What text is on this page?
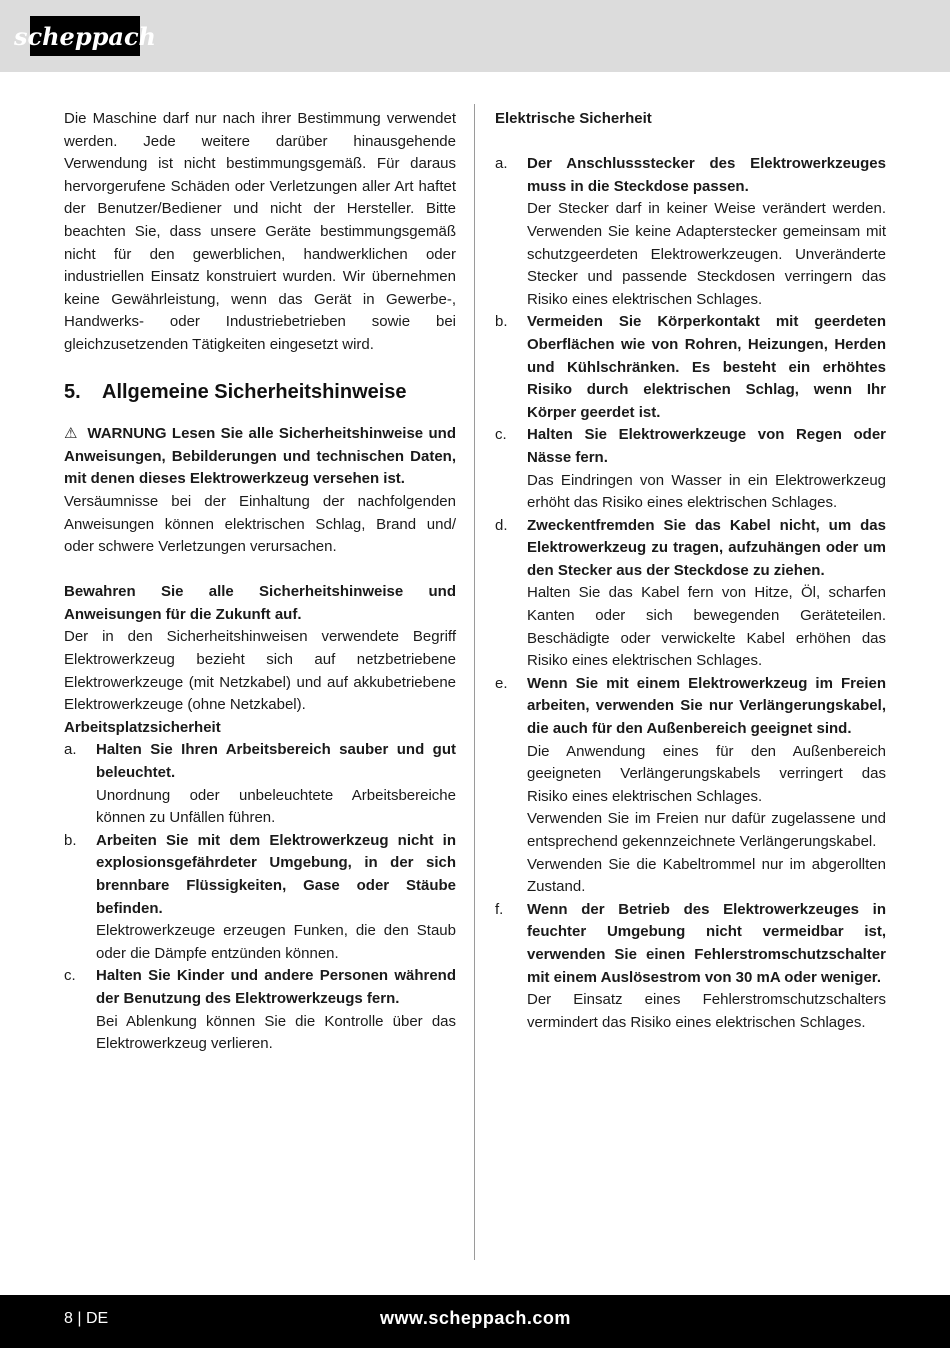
scheppach

Die Maschine darf nur nach ihrer Bestimmung verwendet werden. Jede weitere darüber hinausgehende Verwendung ist nicht bestimmungsgemäß. Für daraus hervorgerufene Schäden oder Verletzungen aller Art haftet der Benutzer/Bediener und nicht der Hersteller. Bitte beachten Sie, dass unsere Geräte bestimmungsgemäß nicht für den gewerblichen, handwerklichen oder industriellen Einsatz konstruiert wurden. Wir übernehmen keine Gewährleistung, wenn das Gerät in Gewerbe-, Handwerks- oder Industriebetrieben sowie bei gleichzusetzenden Tätigkeiten eingesetzt wird.

5.	Allgemeine Sicherheitshinweise

⚠ WARNUNG Lesen Sie alle Sicherheitshinweise und Anweisungen, Bebilderungen und technischen Daten, mit denen dieses Elektrowerkzeug versehen ist.

Versäumnisse bei der Einhaltung der nachfolgenden Anweisungen können elektrischen Schlag, Brand und/ oder schwere Verletzungen verursachen.

Bewahren Sie alle Sicherheitshinweise und Anweisungen für die Zukunft auf.

Der in den Sicherheitshinweisen verwendete Begriff Elektrowerkzeug bezieht sich auf netzbetriebene Elektrowerkzeuge (mit Netzkabel) und auf akkubetriebene Elektrowerkzeuge (ohne Netzkabel).

Arbeitsplatzsicherheit

a.	Halten Sie Ihren Arbeitsbereich sauber und gut beleuchtet.

Unordnung oder unbeleuchtete Arbeitsbereiche können zu Unfällen führen.

b.	Arbeiten Sie mit dem Elektrowerkzeug nicht in explosionsgefährdeter Umgebung, in der sich brennbare Flüssigkeiten, Gase oder Stäube befinden.

Elektrowerkzeuge erzeugen Funken, die den Staub oder die Dämpfe entzünden können.

c.	Halten Sie Kinder und andere Personen während der Benutzung des Elektrowerkzeugs fern.

Bei Ablenkung können Sie die Kontrolle über das Elektrowerkzeug verlieren.

Elektrische Sicherheit

a.	Der Anschlussstecker des Elektrowerkzeuges muss in die Steckdose passen.

Der Stecker darf in keiner Weise verändert werden. Verwenden Sie keine Adapterstecker gemeinsam mit schutzgeerdeten Elektrowerkzeugen. Unveränderte Stecker und passende Steckdosen verringern das Risiko eines elektrischen Schlages.

b.	Vermeiden Sie Körperkontakt mit geerdeten Oberflächen wie von Rohren, Heizungen, Herden und Kühlschränken. Es besteht ein erhöhtes Risiko durch elektrischen Schlag, wenn Ihr Körper geerdet ist.

c.	Halten Sie Elektrowerkzeuge von Regen oder Nässe fern.

Das Eindringen von Wasser in ein Elektrowerkzeug erhöht das Risiko eines elektrischen Schlages.

d.	Zweckentfremden Sie das Kabel nicht, um das Elektrowerkzeug zu tragen, aufzuhängen oder um den Stecker aus der Steckdose zu ziehen.

Halten Sie das Kabel fern von Hitze, Öl, scharfen Kanten oder sich bewegenden Geräteteilen. Beschädigte oder verwickelte Kabel erhöhen das Risiko eines elektrischen Schlages.

e.	Wenn Sie mit einem Elektrowerkzeug im Freien arbeiten, verwenden Sie nur Verlängerungskabel, die auch für den Außenbereich geeignet sind.

Die Anwendung eines für den Außenbereich geeigneten Verlängerungskabels verringert das Risiko eines elektrischen Schlages.

Verwenden Sie im Freien nur dafür zugelassene und entsprechend gekennzeichnete Verlängerungskabel.

Verwenden Sie die Kabeltrommel nur im abgerollten Zustand.

f.	Wenn der Betrieb des Elektrowerkzeuges in feuchter Umgebung nicht vermeidbar ist, verwenden Sie einen Fehlerstromschutzschalter mit einem Auslösestrom von 30 mA oder weniger.

Der Einsatz eines Fehlerstromschutzschalters vermindert das Risiko eines elektrischen Schlages.

8 | DE	www.scheppach.com
